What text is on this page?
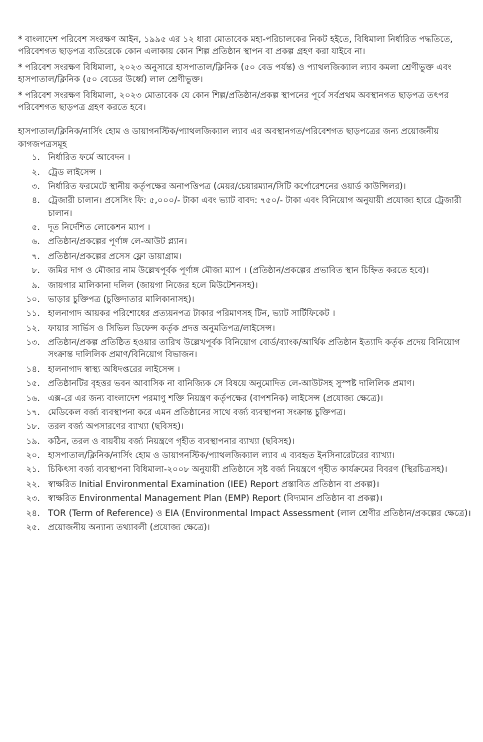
* বাংলাদেশ পরিবেশ সংরক্ষণ আইন, ১৯৯৫ এর ১২ ধারা মোতাবেক মহা-পরিচালকের নিকট হইতে, বিধিমালা নির্ধারিত পদ্ধতিতে, পরিবেশগত ছাড়পত্র ব্যতিরেকে কোন এলাকায় কোন শিল্প প্রতিষ্ঠান স্থাপন বা প্রকল্প গ্রহণ করা যাইবে না।

* পরিবেশ সংরক্ষণ বিধিমালা, ২০২৩ অনুসারে হাসপাতাল/ক্লিনিক (৫০ বেড পর্যন্ত) ও প্যাথলজিক্যাল ল্যাব কমলা শ্রেণীভুক্ত এবং হাসপাতাল/ক্লিনিক (৫০ বেডের উর্ধ্বে) লাল শ্রেণীভুক্ত।

* পরিবেশ সংরক্ষণ বিধিমালা, ২০২৩ মোতাবেক যে কোন শিল্প/প্রতিষ্ঠান/প্রকল্প স্থাপনের পূর্বে সর্বপ্রথম অবস্থানগত ছাড়পত্র তৎপর পরিবেশগত ছাড়পত্র গ্রহণ করতে হবে।

হাসপাতাল/ক্লিনিক/নার্সিং হোম ও ডায়াগনস্টিক/প্যাথলজিক্যাল ল্যাব এর অবস্থানগত/পরিবেশগত ছাড়পত্রের জন্য প্রয়োজনীয় কাগজপত্রসমূহ

১. নির্ধারিত ফর্মে আবেদন ।
২. ট্রেড লাইসেন্স ।
৩. নির্ধারিত ফরমেটে স্থানীয় কর্তৃপক্ষের অনাপত্তিপত্র (মেয়র/চেয়ারম্যান/সিটি কর্পোরেশনের ওয়ার্ড কাউন্সিলর)।
৪. ট্রেজারী চালান। প্রসেসিং ফি: ৫,০০০/- টাকা এবং ভ্যাট বাবদ: ৭৫০/- টাকা এবং বিনিয়োগ অনুযায়ী প্রযোজ্য হারে ট্রেজারী চালান।
৫. দূত নির্দেশিত লোকেশন ম্যাপ ।
৬. প্রতিষ্ঠান/প্রকল্পের পূর্ণাঙ্গ লে-আউট প্ল্যান।
৭. প্রতিষ্ঠান/প্রকল্পের প্রসেস ফ্লো ডায়াগ্রাম।
৮. জমির দাগ ও মৌজার নাম উল্লেখপূর্বক পূর্ণাঙ্গ মৌজা ম্যাপ । (প্রতিষ্ঠান/প্রকল্পের প্রভাবিত স্থান চিহ্নিত করতে হবে)।
৯. জায়গার মালিকানা দলিল (জায়গা নিজের হলে মিউটেশনসহ)।
১০. ভাড়ার চুক্তিপত্র (চুক্তিদাতার মালিকানাসহ)।
১১. হালনাগাদ আয়কর পরিশোধের প্রত্যয়নপত্র টাকার পরিমাণসহ টিন, ভ্যাট সার্টিফিকেট ।
১২. ফায়ার সার্ভিস ও সিভিল ডিফেন্স কর্তৃক প্রদত্ত অনুমতিপত্র/লাইসেন্স।
১৩. প্রতিষ্ঠান/প্রকল্প প্রতিষ্ঠিত হওয়ার তারিখ উল্লেখপূর্বক বিনিয়োগ বোর্ড/ব্যাংক/আর্থিক প্রতিষ্ঠান ইত্যাদি কর্তৃক প্রদেয় বিনিয়োগ সংক্রান্ত দালিলিক প্রমাণ/বিনিয়োগ বিভাজন।
১৪. হালনাগাদ স্বাস্থ্য অধিদপ্তরের লাইসেন্স ।
১৫. প্রতিষ্ঠানটির বৃহত্তর ভবন আবাসিক না বানিজ্যিক সে বিষয়ে অনুমোদিত লে-আউটসহ সুস্পষ্ট দালিলিক প্রমাণ।
১৬. এক্স-রে এর জন্য বাংলাদেশ পরমাণু শক্তি নিয়ন্ত্রণ কর্তৃপক্ষের (বাপশনিক) লাইসেন্স (প্রযোজ্য ক্ষেত্রে)।
১৭. মেডিকেল বর্জ্য ব্যবস্থাপনা করে এমন প্রতিষ্ঠানের সাথে বর্জ্য ব্যবস্থাপনা সংক্রান্ত চুক্তিপত্র।
১৮. তরল বর্জ্য অপসারণের ব্যাখ্যা (ছবিসহ)।
১৯. কঠিন, তরল ও বায়বীয় বর্জ্য নিয়ন্ত্রণে গৃহীত ব্যবস্থাপনার ব্যাখ্যা (ছবিসহ)।
২০. হাসপাতাল/ক্লিনিক/নার্সিং হোম ও ডায়াগনস্টিক/প্যাথলজিক্যাল ল্যাব এ ব্যবহৃত ইনসিনারেটরের ব্যাখ্যা।
২১. চিকিৎসা বর্জ্য ব্যবস্থাপনা বিধিমালা-২০০৮ অনুযায়ী প্রতিষ্ঠানে সৃষ্ট বর্জ্য নিয়ন্ত্রণে গৃহীত কার্যক্রমের বিবরণ (স্থিরচিত্রসহ)।
২২. স্বাক্ষরিত Initial Environmental Examination (IEE) Report প্রস্তাবিত প্রতিষ্ঠান বা প্রকল্প)।
২৩. স্বাক্ষরিত Environmental Management Plan (EMP) Report (বিদ্যমান প্রতিষ্ঠান বা প্রকল্প)।
২৪. TOR (Term of Reference) ও EIA (Environmental Impact Assessment (লাল শ্রেণীর প্রতিষ্ঠান/প্রকল্পের ক্ষেত্রে)।
২৫. প্রয়োজনীয় অন্যান্য তথ্যাবলী (প্রযোজ্য ক্ষেত্রে)।
